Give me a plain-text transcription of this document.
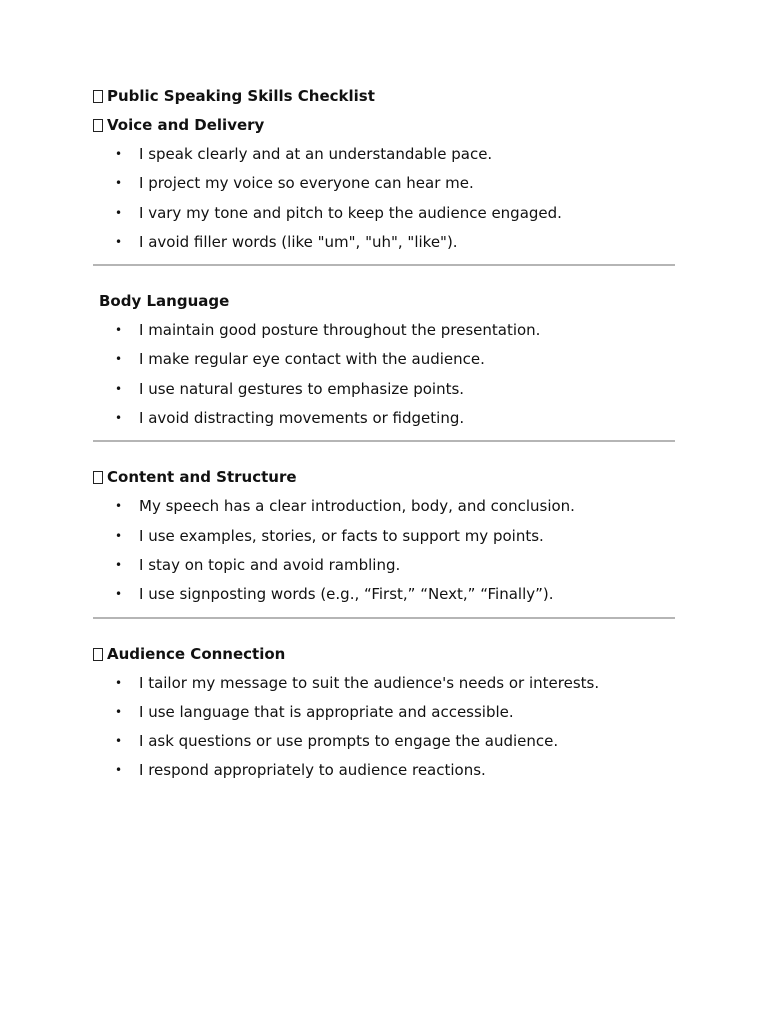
Public Speaking Skills Checklist
Voice and Delivery
• I speak clearly and at an understandable pace.
• I project my voice so everyone can hear me.
• I vary my tone and pitch to keep the audience engaged.
• I avoid filler words (like "um", "uh", "like").
Body Language
• I maintain good posture throughout the presentation.
• I make regular eye contact with the audience.
• I use natural gestures to emphasize points.
• I avoid distracting movements or fidgeting.
Content and Structure
• My speech has a clear introduction, body, and conclusion.
• I use examples, stories, or facts to support my points.
• I stay on topic and avoid rambling.
• I use signposting words (e.g., “First,” “Next,” “Finally”).
Audience Connection
• I tailor my message to suit the audience's needs or interests.
• I use language that is appropriate and accessible.
• I ask questions or use prompts to engage the audience.
• I respond appropriately to audience reactions.
